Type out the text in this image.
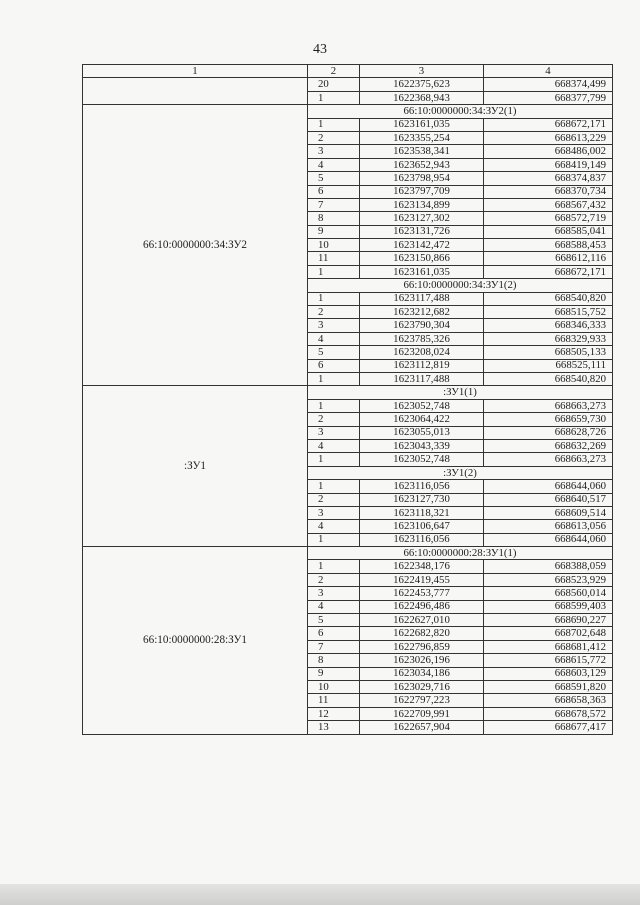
43
1	2	3	4
	20	1622375,623	668374,499
	1	1622368,943	668377,799
66:10:0000000:34:ЗУ2	66:10:0000000:34:ЗУ2(1)		
	1	1623161,035	668672,171
	2	1623355,254	668613,229
	3	1623538,341	668486,002
	4	1623652,943	668419,149
	5	1623798,954	668374,837
	6	1623797,709	668370,734
	7	1623134,899	668567,432
	8	1623127,302	668572,719
	9	1623131,726	668585,041
	10	1623142,472	668588,453
	11	1623150,866	668612,116
	1	1623161,035	668672,171
	66:10:0000000:34:ЗУ1(2)		
	1	1623117,488	668540,820
	2	1623212,682	668515,752
	3	1623790,304	668346,333
	4	1623785,326	668329,933
	5	1623208,024	668505,133
	6	1623112,819	668525,111
	1	1623117,488	668540,820
:ЗУ1	:ЗУ1(1)		
	1	1623052,748	668663,273
	2	1623064,422	668659,730
	3	1623055,013	668628,726
	4	1623043,339	668632,269
	1	1623052,748	668663,273
	:ЗУ1(2)		
	1	1623116,056	668644,060
	2	1623127,730	668640,517
	3	1623118,321	668609,514
	4	1623106,647	668613,056
	1	1623116,056	668644,060
66:10:0000000:28:ЗУ1	66:10:0000000:28:ЗУ1(1)		
	1	1622348,176	668388,059
	2	1622419,455	668523,929
	3	1622453,777	668560,014
	4	1622496,486	668599,403
	5	1622627,010	668690,227
	6	1622682,820	668702,648
	7	1622796,859	668681,412
	8	1623026,196	668615,772
	9	1623034,186	668603,129
	10	1623029,716	668591,820
	11	1622797,223	668658,363
	12	1622709,991	668678,572
	13	1622657,904	668677,417
